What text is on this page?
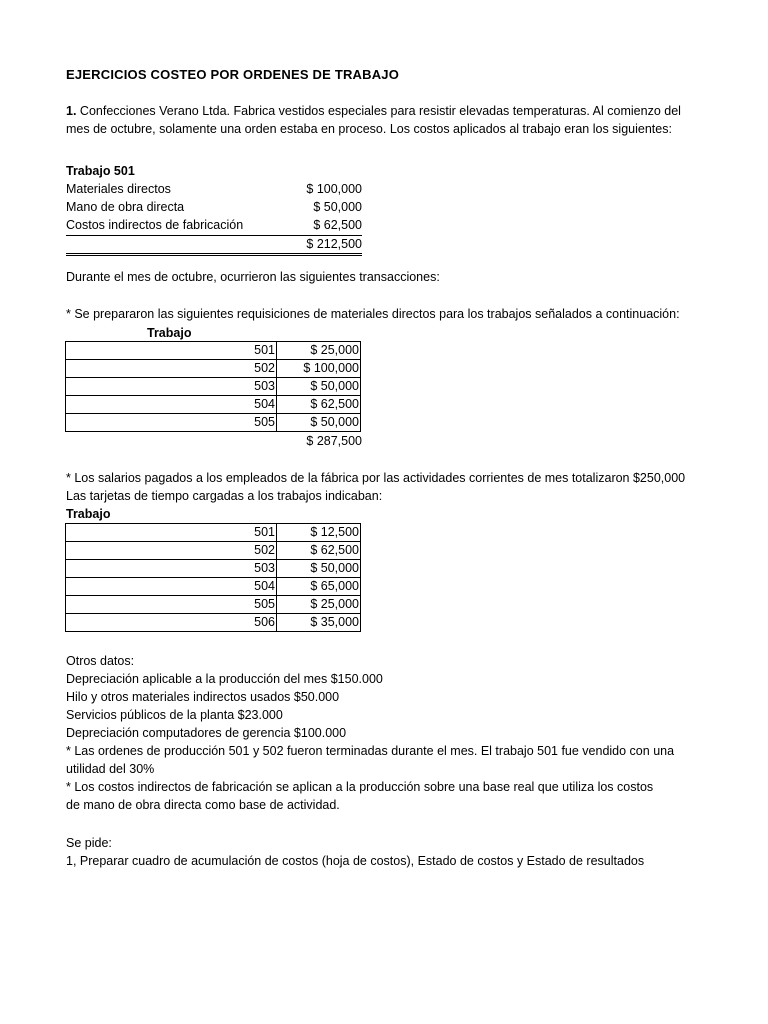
EJERCICIOS COSTEO POR ORDENES DE TRABAJO
1. Confecciones Verano Ltda. Fabrica vestidos especiales para resistir elevadas temperaturas. Al comienzo del
mes de octubre, solamente una orden estaba en proceso. Los costos aplicados al trabajo eran los siguientes:
Trabajo 501
Materiales directos	$ 100,000
Mano de obra directa	$ 50,000
Costos indirectos de fabricación	$ 62,500
$ 212,500
Durante el mes de octubre, ocurrieron las siguientes transacciones:
* Se prepararon las siguientes requisiciones de materiales directos para los trabajos señalados a continuación:
Trabajo
501	$ 25,000
502	$ 100,000
503	$ 50,000
504	$ 62,500
505	$ 50,000
$ 287,500
* Los salarios pagados a los empleados de la fábrica por las actividades corrientes de mes totalizaron $250,000
Las tarjetas de tiempo cargadas a los trabajos indicaban:
Trabajo
501	$ 12,500
502	$ 62,500
503	$ 50,000
504	$ 65,000
505	$ 25,000
506	$ 35,000
Otros datos:
Depreciación aplicable a la producción del mes $150.000
Hilo y otros materiales indirectos usados $50.000
Servicios públicos de la planta $23.000
Depreciación computadores de gerencia $100.000
* Las ordenes de producción 501 y 502 fueron terminadas durante el mes. El trabajo 501 fue vendido con una
utilidad del 30%
* Los costos indirectos de fabricación se aplican a la producción sobre una base real que utiliza los costos
de mano de obra directa como base de actividad.
Se pide:
1, Preparar cuadro de acumulación de costos (hoja de costos), Estado de costos y Estado de resultados
